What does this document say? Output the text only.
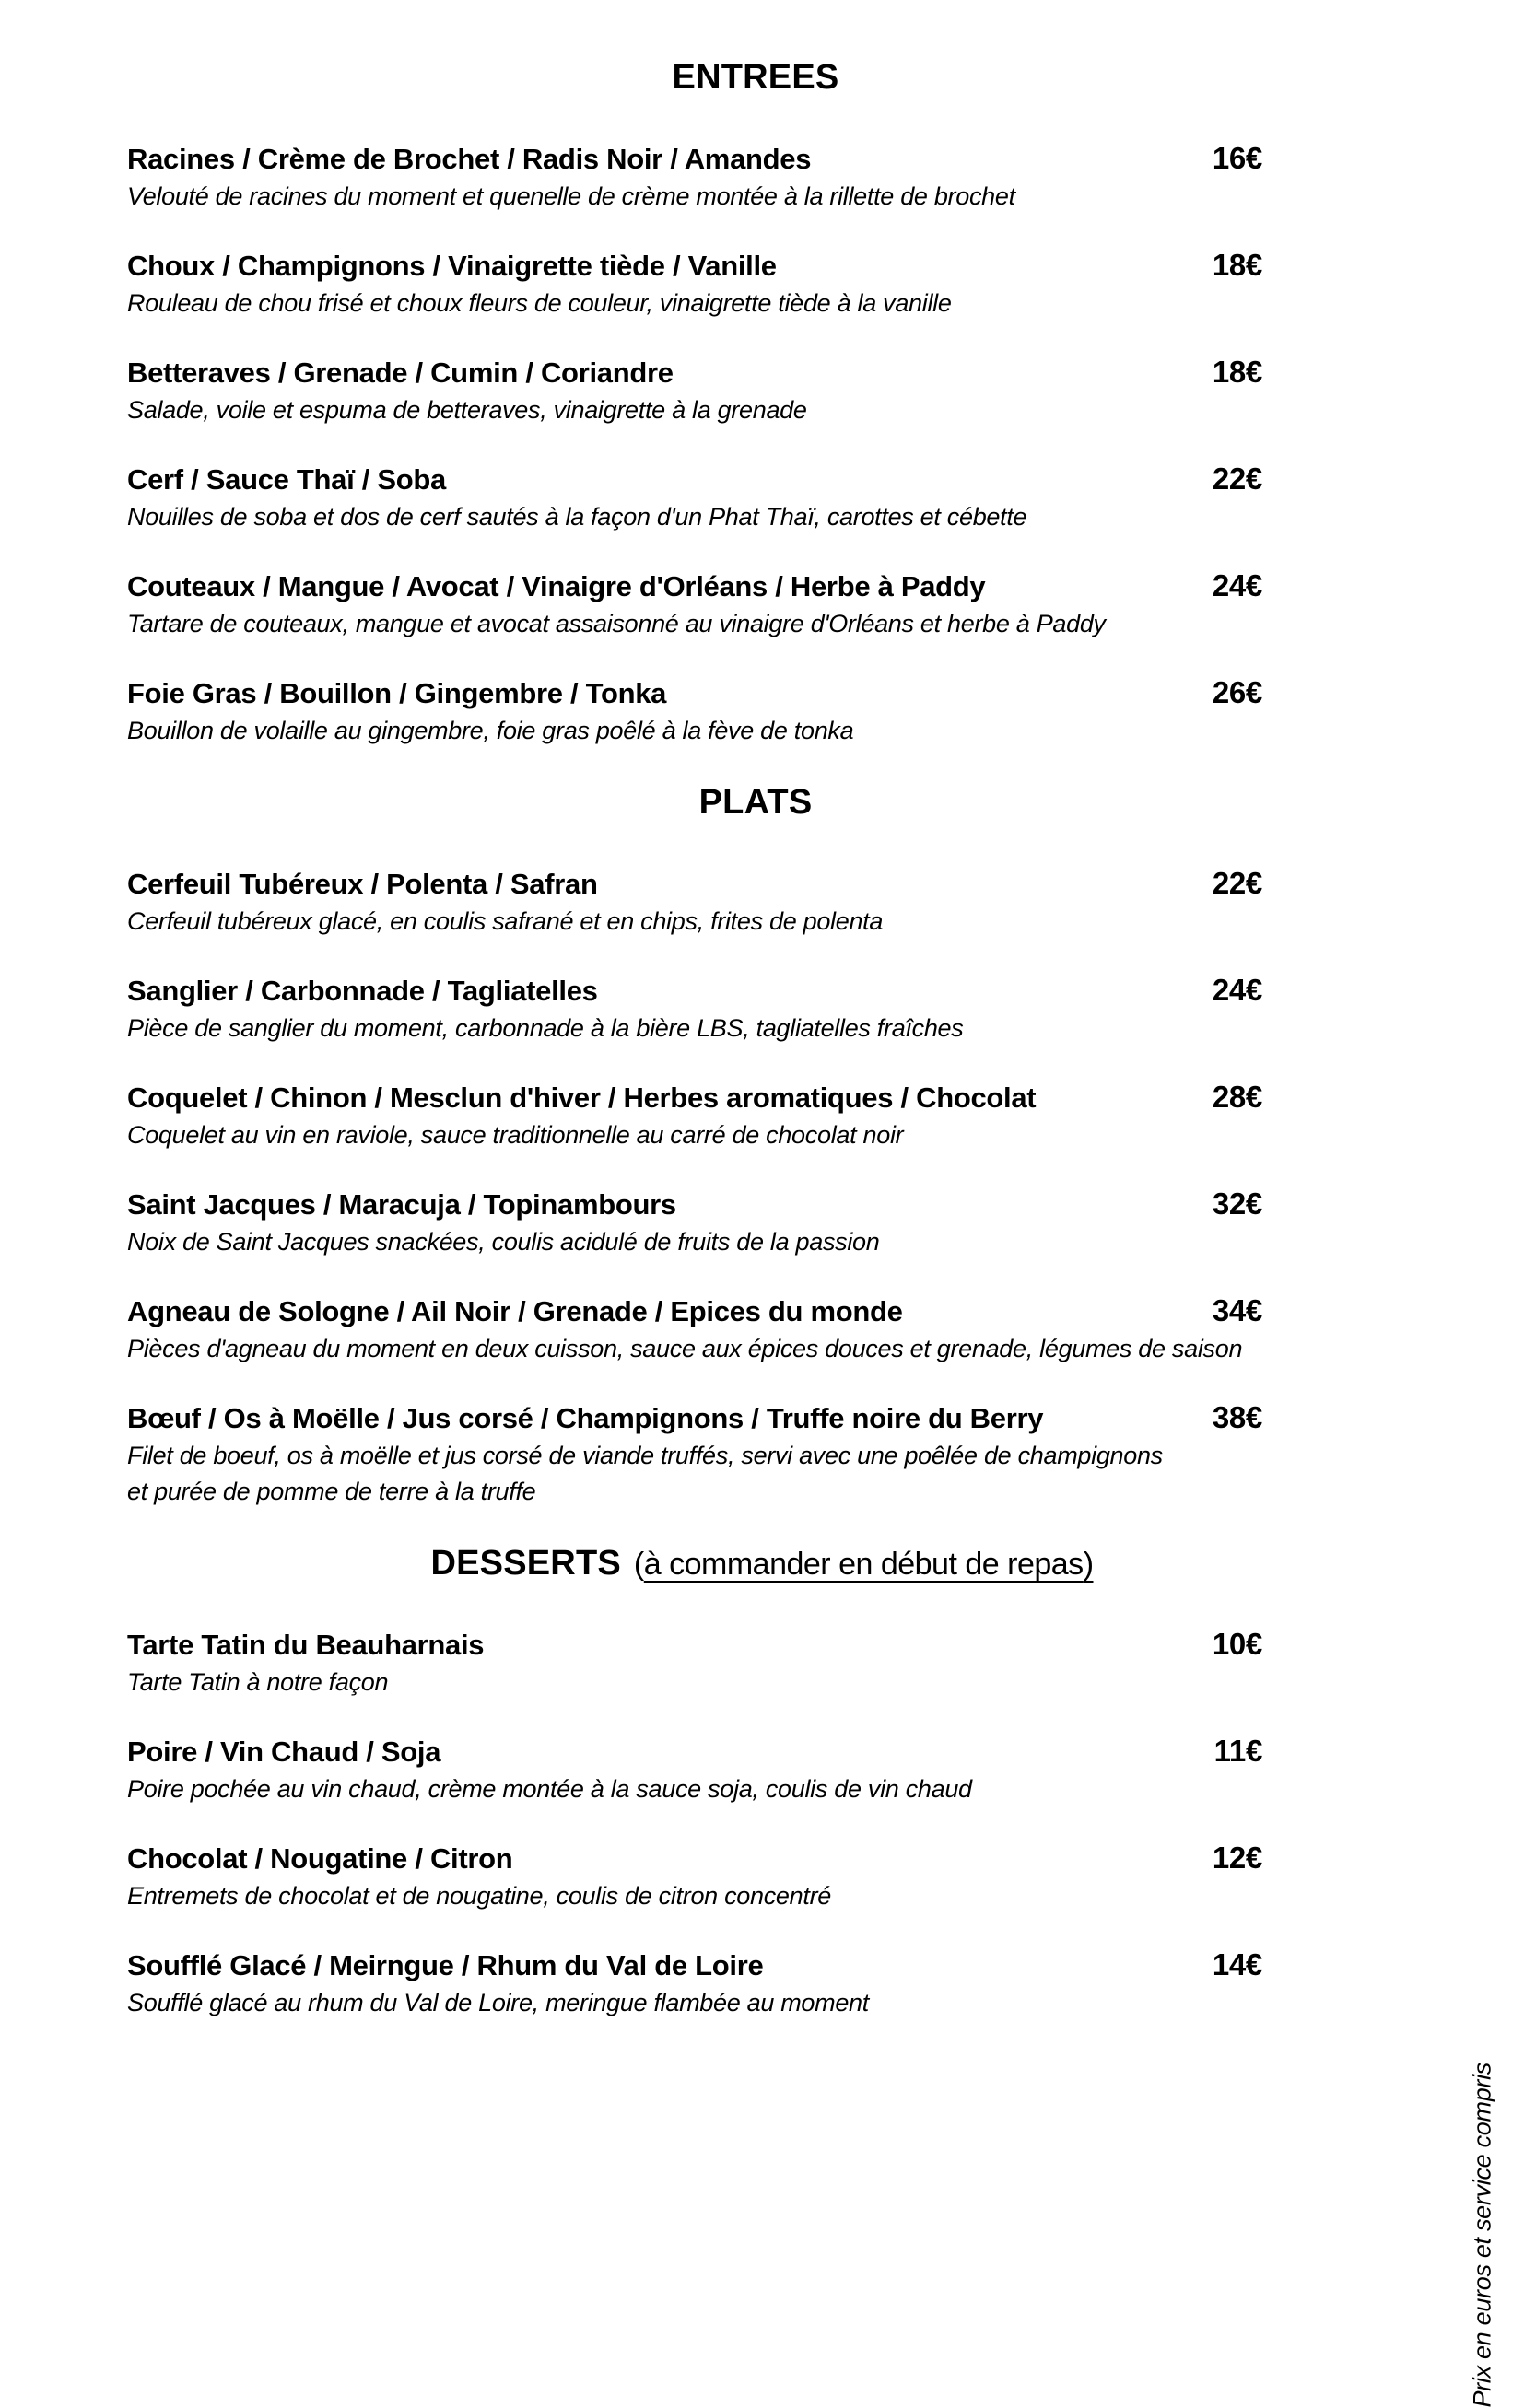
ENTREES
Racines / Crème de Brochet / Radis Noir / Amandes	16€
Velouté de racines du moment et quenelle de crème montée à la rillette de brochet
Choux / Champignons / Vinaigrette tiède / Vanille	18€
Rouleau de chou frisé et choux fleurs de couleur, vinaigrette tiède à la vanille
Betteraves / Grenade / Cumin / Coriandre	18€
Salade, voile et espuma de betteraves, vinaigrette à la grenade
Cerf / Sauce Thaï / Soba	22€
Nouilles de soba et dos de cerf sautés à la façon d'un Phat Thaï, carottes et cébette
Couteaux / Mangue / Avocat / Vinaigre d'Orléans / Herbe à Paddy	24€
Tartare de couteaux, mangue et avocat assaisonné au vinaigre d'Orléans et herbe à Paddy
Foie Gras / Bouillon / Gingembre / Tonka	26€
Bouillon de volaille au gingembre, foie gras poêlé à la fève de tonka
PLATS
Cerfeuil Tubéreux / Polenta / Safran	22€
Cerfeuil tubéreux glacé, en coulis safrané et en chips, frites de polenta
Sanglier / Carbonnade / Tagliatelles	24€
Pièce de sanglier du moment, carbonnade à la bière LBS, tagliatelles fraîches
Coquelet / Chinon / Mesclun d'hiver / Herbes aromatiques / Chocolat	28€
Coquelet au vin en raviole, sauce traditionnelle au carré de chocolat noir
Saint Jacques / Maracuja / Topinambours	32€
Noix de Saint Jacques snackées, coulis acidulé de fruits de la passion
Agneau de Sologne / Ail Noir / Grenade / Epices du monde	34€
Pièces d'agneau du moment en deux cuisson, sauce aux épices douces et grenade, légumes de saison
Bœuf / Os à Moëlle / Jus corsé / Champignons / Truffe noire du Berry	38€
Filet de boeuf, os à moëlle et jus corsé de viande truffés, servi avec une poêlée de champignons
et purée de pomme de terre à la truffe
DESSERTS (à commander en début de repas)
Tarte Tatin du Beauharnais	10€
Tarte Tatin à notre façon
Poire / Vin Chaud / Soja	11€
Poire pochée au vin chaud, crème montée à la sauce soja, coulis de vin chaud
Chocolat / Nougatine / Citron	12€
Entremets de chocolat et de nougatine, coulis de citron concentré
Soufflé Glacé / Meirngue / Rhum du Val de Loire	14€
Soufflé glacé au rhum du Val de Loire, meringue flambée au moment
Prix en euros et service compris
